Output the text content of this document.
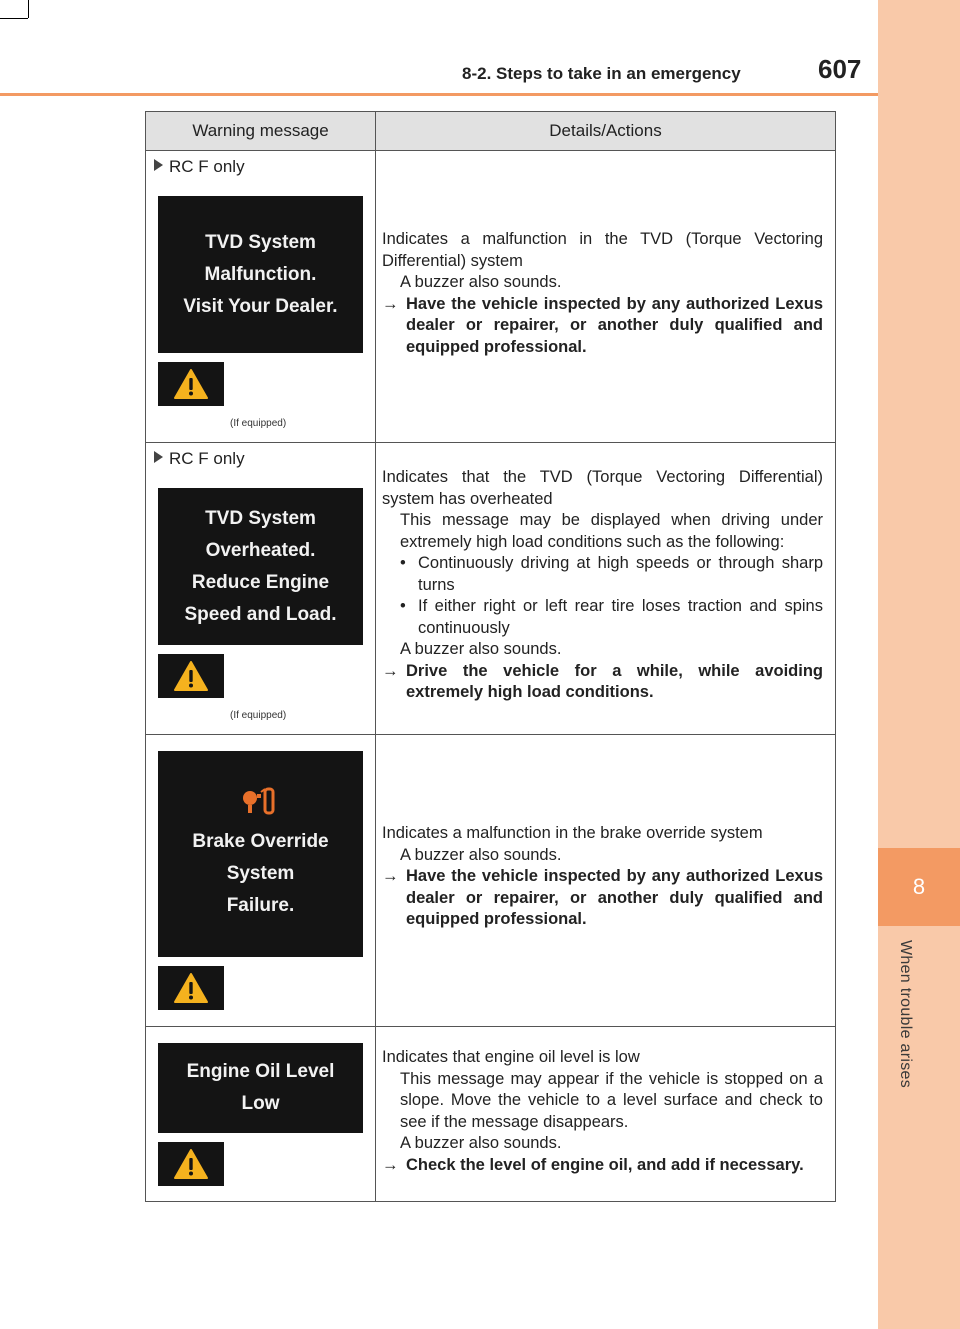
8
When trouble arises
8-2. Steps to take in an emergency	607
Warning message	Details/Actions
RC F only
TVD System
Malfunction.
Visit Your Dealer.
(If equipped)

Indicates a malfunction in the TVD (Torque Vectoring Differential) system

A buzzer also sounds.

→ Have the vehicle inspected by any authorized Lexus dealer or repairer, or another duly qualified and equipped professional.

RC F only
TVD System
Overheated.
Reduce Engine
Speed and Load.
(If equipped)

Indicates that the TVD (Torque Vectoring Differential) system has overheated

This message may be displayed when driving under extremely high load conditions such as the following:

• Continuously driving at high speeds or through sharp turns

• If either right or left rear tire loses traction and spins continuously

A buzzer also sounds.

→ Drive the vehicle for a while, while avoiding extremely high load conditions.

Brake Override
System
Failure.

Indicates a malfunction in the brake override system

A buzzer also sounds.

→ Have the vehicle inspected by any authorized Lexus dealer or repairer, or another duly qualified and equipped professional.

Engine Oil Level
Low

Indicates that engine oil level is low

This message may appear if the vehicle is stopped on a slope. Move the vehicle to a level surface and check to see if the message disappears.

A buzzer also sounds.

→ Check the level of engine oil, and add if necessary.
